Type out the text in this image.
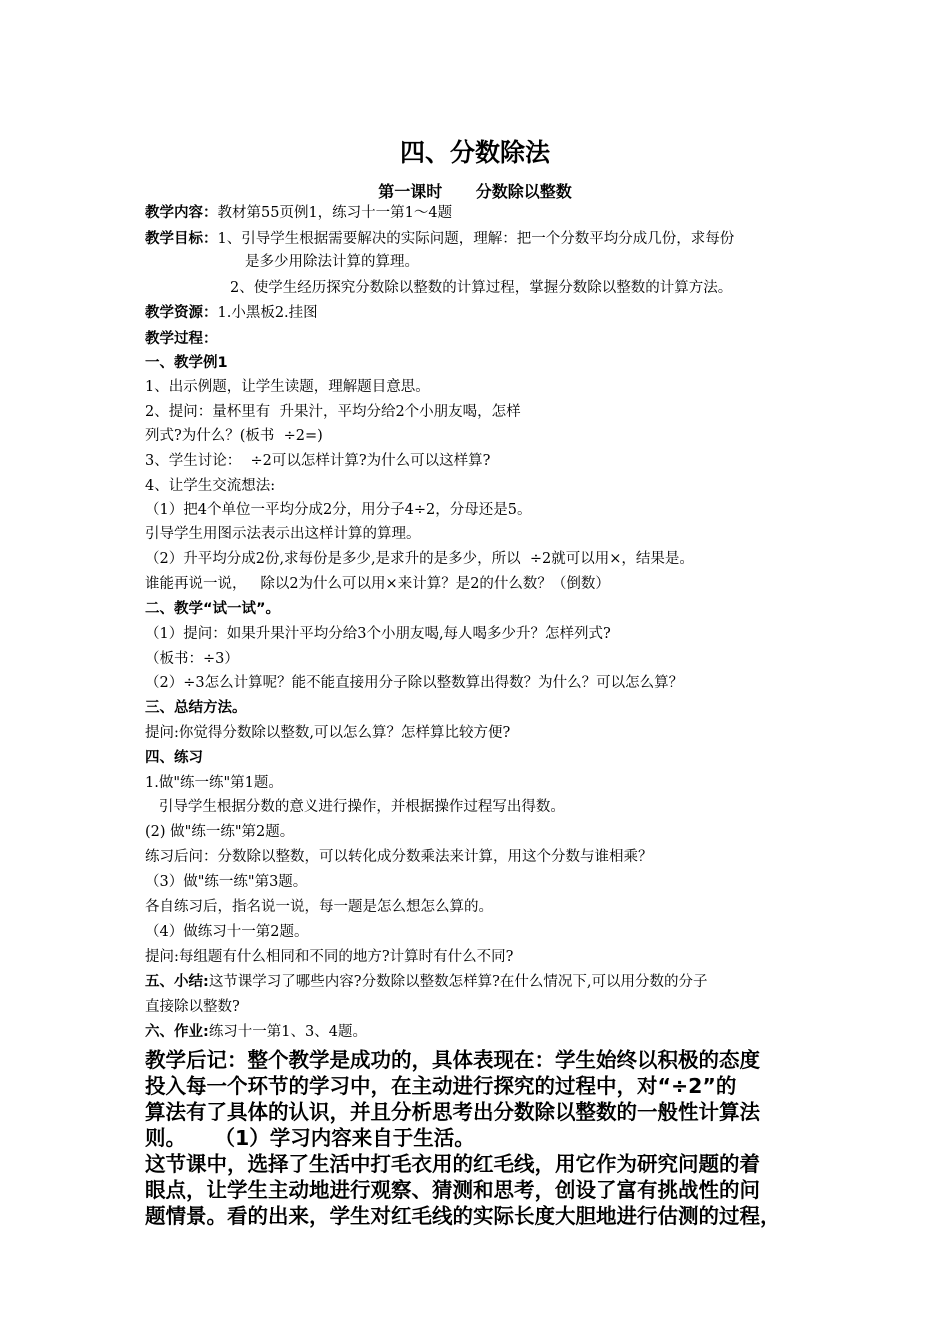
四、分数除法
第一课时      分数除以整数
教学内容：教材第55页例1，练习十一第1～4题
教学目标：1、引导学生根据需要解决的实际问题，理解：把一个分数平均分成几份，求每份
是多少用除法计算的算理。
2、使学生经历探究分数除以整数的计算过程，掌握分数除以整数的计算方法。
教学资源：1.小黑板2.挂图
教学过程：
一、教学例1
1、出示例题，让学生读题，理解题目意思。
2、提问：量杯里有  升果汁，平均分给2个小朋友喝，怎样
列式?为什么？(板书  ÷2=)
3、学生讨论：  ÷2可以怎样计算?为什么可以这样算?
4、让学生交流想法:
（1）把4个单位一平均分成2分，用分子4÷2，分母还是5。
引导学生用图示法表示出这样计算的算理。
（2）升平均分成2份,求每份是多少,是求升的是多少，所以  ÷2就可以用×，结果是。
谁能再说一说，   除以2为什么可以用×来计算？是2的什么数？（倒数）
二、教学“试一试”。
（1）提问：如果升果汁平均分给3个小朋友喝,每人喝多少升？怎样列式?
（板书：÷3）
（2）÷3怎么计算呢？能不能直接用分子除以整数算出得数？为什么？可以怎么算？
三、总结方法。
提问:你觉得分数除以整数,可以怎么算？怎样算比较方便?
四、练习
1.做"练一练"第1题。
引导学生根据分数的意义进行操作，并根据操作过程写出得数。
(2) 做"练一练"第2题。
练习后问：分数除以整数，可以转化成分数乘法来计算，用这个分数与谁相乘？
（3）做"练一练"第3题。
各自练习后，指名说一说，每一题是怎么想怎么算的。
（4）做练习十一第2题。
提问:每组题有什么相同和不同的地方?计算时有什么不同?
五、小结:这节课学习了哪些内容?分数除以整数怎样算?在什么情况下,可以用分数的分子
直接除以整数?
六、作业:练习十一第1、3、4题。
教学后记：整个教学是成功的，具体表现在：学生始终以积极的态度
投入每一个环节的学习中，在主动进行探究的过程中，对“÷2”的
算法有了具体的认识，并且分析思考出分数除以整数的一般性计算法
则。    （1）学习内容来自于生活。
这节课中，选择了生活中打毛衣用的红毛线，用它作为研究问题的着
眼点，让学生主动地进行观察、猜测和思考，创设了富有挑战性的问
题情景。看的出来，学生对红毛线的实际长度大胆地进行估测的过程，
